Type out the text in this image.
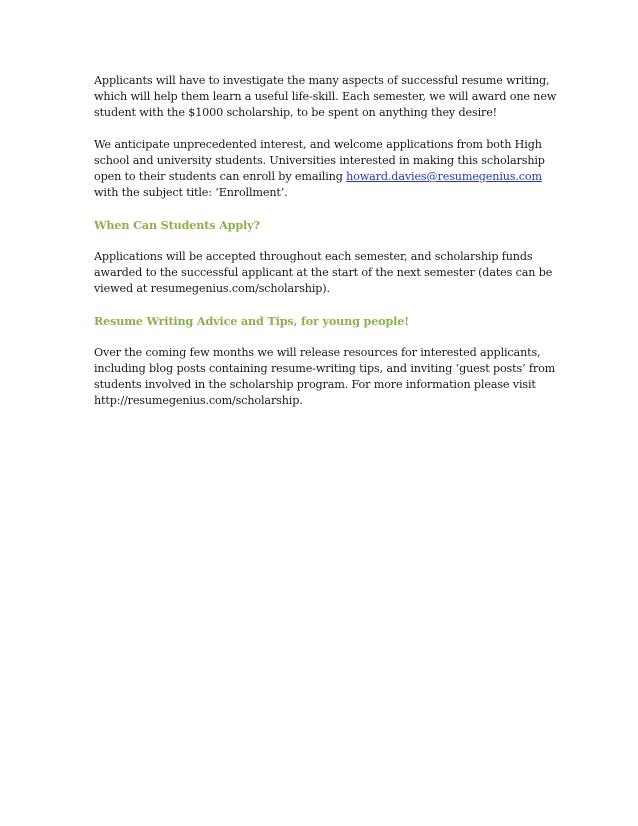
Applicants will have to investigate the many aspects of successful resume writing,
which will help them learn a useful life-skill. Each semester, we will award one new
student with the $1000 scholarship, to be spent on anything they desire!

We anticipate unprecedented interest, and welcome applications from both High
school and university students. Universities interested in making this scholarship
open to their students can enroll by emailing howard.davies@resumegenius.com
with the subject title: ‘Enrollment’.

When Can Students Apply?

Applications will be accepted throughout each semester, and scholarship funds
awarded to the successful applicant at the start of the next semester (dates can be
viewed at resumegenius.com/scholarship).

Resume Writing Advice and Tips, for young people!

Over the coming few months we will release resources for interested applicants,
including blog posts containing resume-writing tips, and inviting ‘guest posts’ from
students involved in the scholarship program. For more information please visit
http://resumegenius.com/scholarship.
